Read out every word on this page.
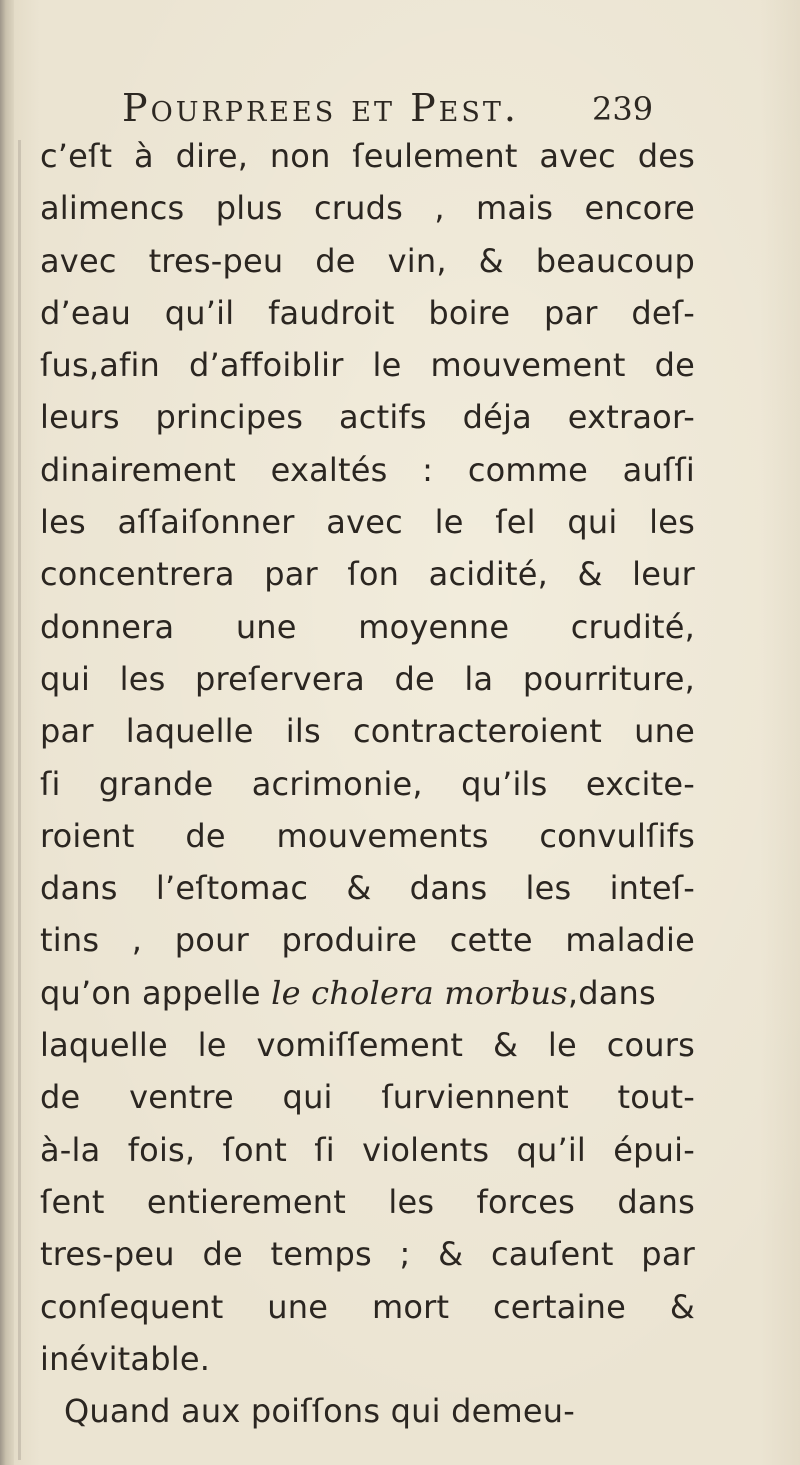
Pourprees et Pest. 239
c’eſt à dire, non ſeulement avec des
alimencs plus cruds , mais encore
avec tres-peu de vin, & beaucoup
d’eau qu’il faudroit boire par deſ-
ſus,afin d’affoiblir le mouvement de
leurs principes actifs déja extraor-
dinairement exaltés : comme auſſi
les aſſaiſonner avec le ſel qui les
concentrera par ſon acidité, & leur
donnera une moyenne crudité,
qui les preſervera de la pourriture,
par laquelle ils contracteroient une
ſi grande acrimonie, qu’ils excite-
roient de mouvements convulſifs
dans l’eſtomac & dans les inteſ-
tins , pour produire cette maladie
qu’on appelle le cholera morbus,dans
laquelle le vomiſſement & le cours
de ventre qui ſurviennent tout-
à-la fois, ſont ſi violents qu’il épui-
ſent entierement les forces dans
tres-peu de temps ; & cauſent par
conſequent une mort certaine &
inévitable.
Quand aux poiſſons qui demeu-
